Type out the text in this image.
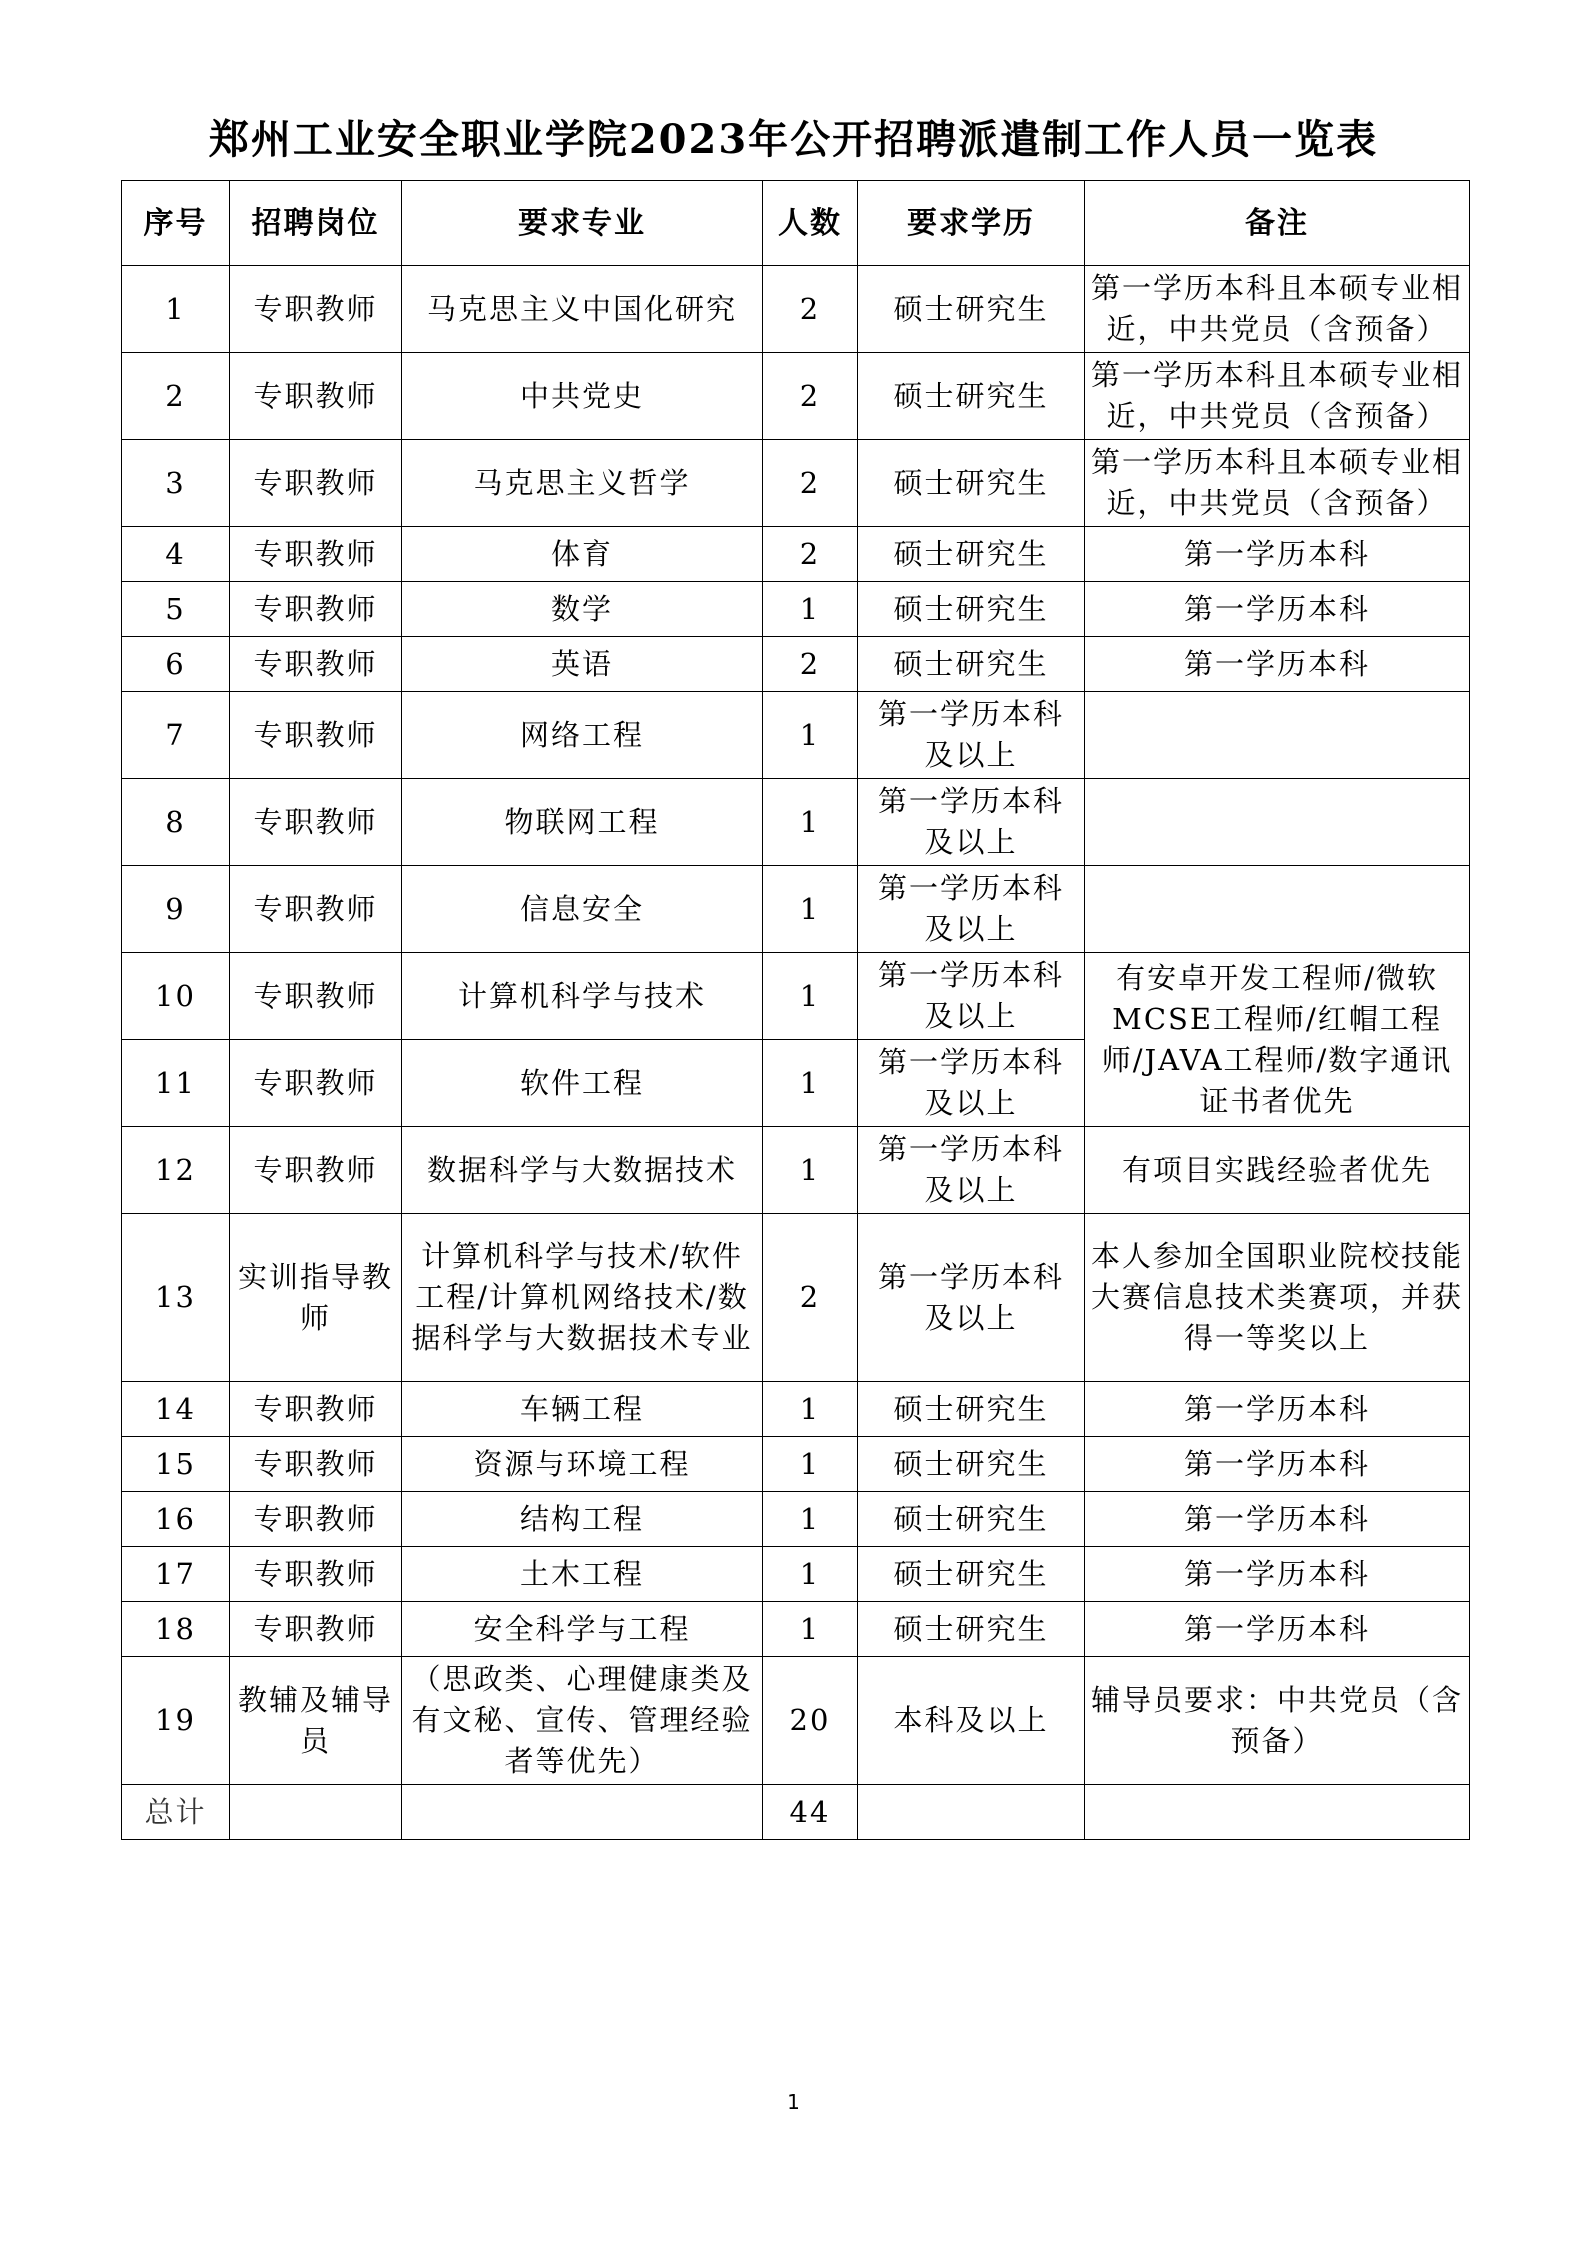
郑州工业安全职业学院2023年公开招聘派遣制工作人员一览表
序号	招聘岗位	要求专业	人数	要求学历	备注
1	专职教师	马克思主义中国化研究	2	硕士研究生	第一学历本科且本硕专业相近，中共党员（含预备）
2	专职教师	中共党史	2	硕士研究生	第一学历本科且本硕专业相近，中共党员（含预备）
3	专职教师	马克思主义哲学	2	硕士研究生	第一学历本科且本硕专业相近，中共党员（含预备）
4	专职教师	体育	2	硕士研究生	第一学历本科
5	专职教师	数学	1	硕士研究生	第一学历本科
6	专职教师	英语	2	硕士研究生	第一学历本科
7	专职教师	网络工程	1	第一学历本科及以上	
8	专职教师	物联网工程	1	第一学历本科及以上	
9	专职教师	信息安全	1	第一学历本科及以上	
10	专职教师	计算机科学与技术	1	第一学历本科及以上	有安卓开发工程师/微软MCSE工程师/红帽工程师/JAVA工程师/数字通讯证书者优先
11	专职教师	软件工程	1	第一学历本科及以上	
12	专职教师	数据科学与大数据技术	1	第一学历本科及以上	有项目实践经验者优先
13	实训指导教师	计算机科学与技术/软件工程/计算机网络技术/数据科学与大数据技术专业	2	第一学历本科及以上	本人参加全国职业院校技能大赛信息技术类赛项，并获得一等奖以上
14	专职教师	车辆工程	1	硕士研究生	第一学历本科
15	专职教师	资源与环境工程	1	硕士研究生	第一学历本科
16	专职教师	结构工程	1	硕士研究生	第一学历本科
17	专职教师	土木工程	1	硕士研究生	第一学历本科
18	专职教师	安全科学与工程	1	硕士研究生	第一学历本科
19	教辅及辅导员	（思政类、心理健康类及有文秘、宣传、管理经验者等优先）	20	本科及以上	辅导员要求：中共党员（含预备）
总计			44		
1
